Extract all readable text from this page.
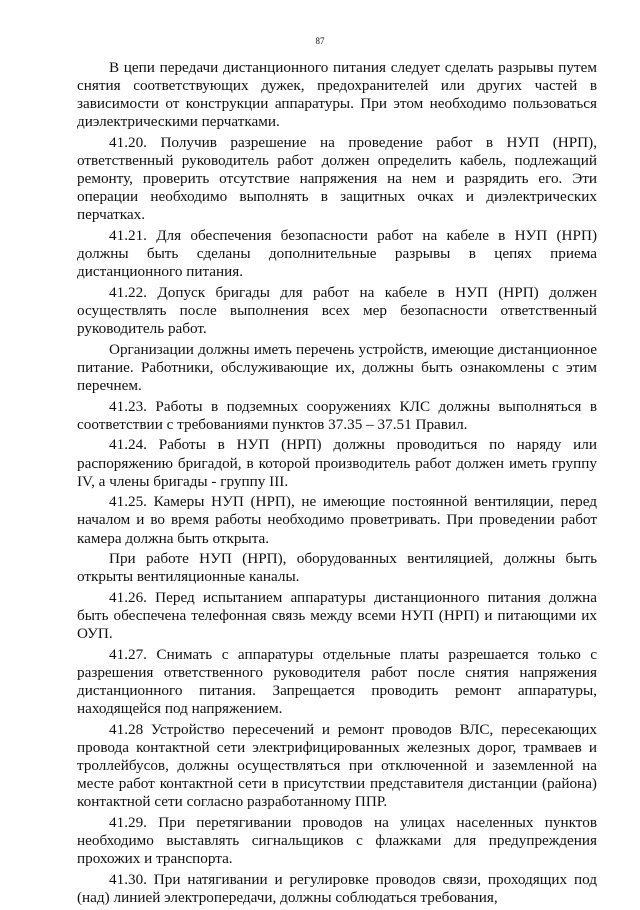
87

В цепи передачи дистанционного питания следует сделать разрывы путем снятия соответствующих дужек, предохранителей или других частей в зависимости от конструкции аппаратуры. При этом необходимо пользоваться диэлектрическими перчатками.

41.20. Получив разрешение на проведение работ в НУП (НРП), ответственный руководитель работ должен определить кабель, подлежащий ремонту, проверить отсутствие напряжения на нем и разрядить его. Эти операции необходимо выполнять в защитных очках и диэлектрических перчатках.

41.21. Для обеспечения безопасности работ на кабеле в НУП (НРП) должны быть сделаны дополнительные разрывы в цепях приема дистанционного питания.

41.22. Допуск бригады для работ на кабеле в НУП (НРП) должен осуществлять после выполнения всех мер безопасности ответственный руководитель работ.

Организации должны иметь перечень устройств, имеющие дистанционное питание. Работники, обслуживающие их, должны быть ознакомлены с этим перечнем.

41.23. Работы в подземных сооружениях КЛС должны выполняться в соответствии с требованиями пунктов 37.35 – 37.51 Правил.

41.24. Работы в НУП (НРП) должны проводиться по наряду или распоряжению бригадой, в которой производитель работ должен иметь группу IV, а члены бригады - группу III.

41.25. Камеры НУП (НРП), не имеющие постоянной вентиляции, перед началом и во время работы необходимо проветривать. При проведении работ камера должна быть открыта.

При работе НУП (НРП), оборудованных вентиляцией, должны быть открыты вентиляционные каналы.

41.26. Перед испытанием аппаратуры дистанционного питания должна быть обеспечена телефонная связь между всеми НУП (НРП) и питающими их ОУП.

41.27. Снимать с аппаратуры отдельные платы разрешается только с разрешения ответственного руководителя работ после снятия напряжения дистанционного питания. Запрещается проводить ремонт аппаратуры, находящейся под напряжением.

41.28 Устройство пересечений и ремонт проводов ВЛС, пересекающих провода контактной сети электрифицированных железных дорог, трамваев и троллейбусов, должны осуществляться при отключенной и заземленной на месте работ контактной сети в присутствии представителя дистанции (района) контактной сети согласно разработанному ППР.

41.29. При перетягивании проводов на улицах населенных пунктов необходимо выставлять сигнальщиков с флажками для предупреждения прохожих и транспорта.

41.30. При натягивании и регулировке проводов связи, проходящих под (над) линией электропередачи, должны соблюдаться требования,
